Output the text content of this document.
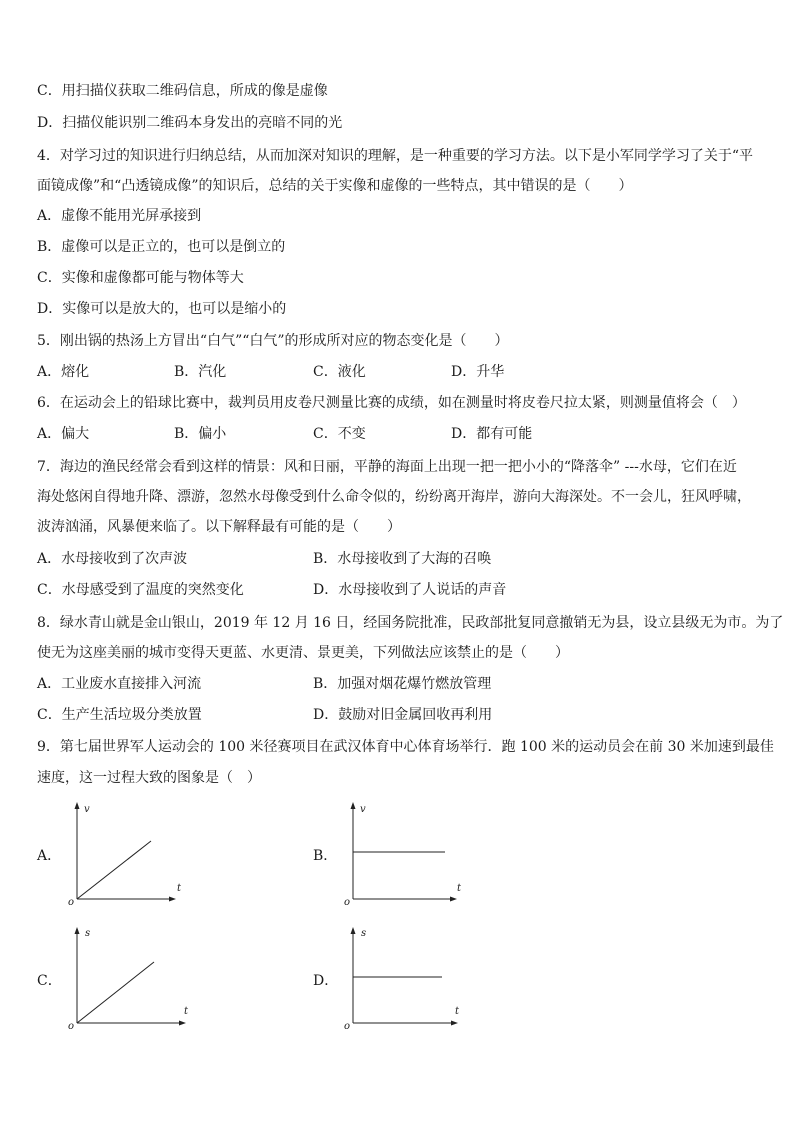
C．用扫描仪获取二维码信息，所成的像是虚像
D．扫描仪能识别二维码本身发出的亮暗不同的光
4．对学习过的知识进行归纳总结，从而加深对知识的理解，是一种重要的学习方法。以下是小军同学学习了关于“平
面镜成像”和“凸透镜成像”的知识后，总结的关于实像和虚像的一些特点，其中错误的是（　　）
A．虚像不能用光屏承接到
B．虚像可以是正立的，也可以是倒立的
C．实像和虚像都可能与物体等大
D．实像可以是放大的，也可以是缩小的
5．刚出锅的热汤上方冒出“白气”“白气”的形成所对应的物态变化是（　　）
A．熔化	B．汽化	C．液化	D．升华
6．在运动会上的铅球比赛中，裁判员用皮卷尺测量比赛的成绩，如在测量时将皮卷尺拉太紧，则测量值将会（　）
A．偏大	B．偏小	C．不变	D．都有可能
7．海边的渔民经常会看到这样的情景：风和日丽，平静的海面上出现一把一把小小的“降落伞” ---水母，它们在近
海处悠闲自得地升降、漂游，忽然水母像受到什么命令似的，纷纷离开海岸，游向大海深处。不一会儿，狂风呼啸，
波涛汹涌，风暴便来临了。以下解释最有可能的是（　　）
A．水母接收到了次声波	B．水母接收到了大海的召唤
C．水母感受到了温度的突然变化	D．水母接收到了人说话的声音
8．绿水青山就是金山银山，2019 年 12 月 16 日，经国务院批准，民政部批复同意撤销无为县，设立县级无为市。为了
使无为这座美丽的城市变得天更蓝、水更清、景更美，下列做法应该禁止的是（　　）
A．工业废水直接排入河流	B．加强对烟花爆竹燃放管理
C．生产生活垃圾分类放置	D．鼓励对旧金属回收再利用
9．第七届世界军人运动会的 100 米径赛项目在武汉体育中心体育场举行．跑 100 米的运动员会在前 30 米加速到最佳
速度，这一过程大致的图象是（　）
A．
v
t
o
B．
v
t
o
C．
s
t
o
D．
s
t
o
